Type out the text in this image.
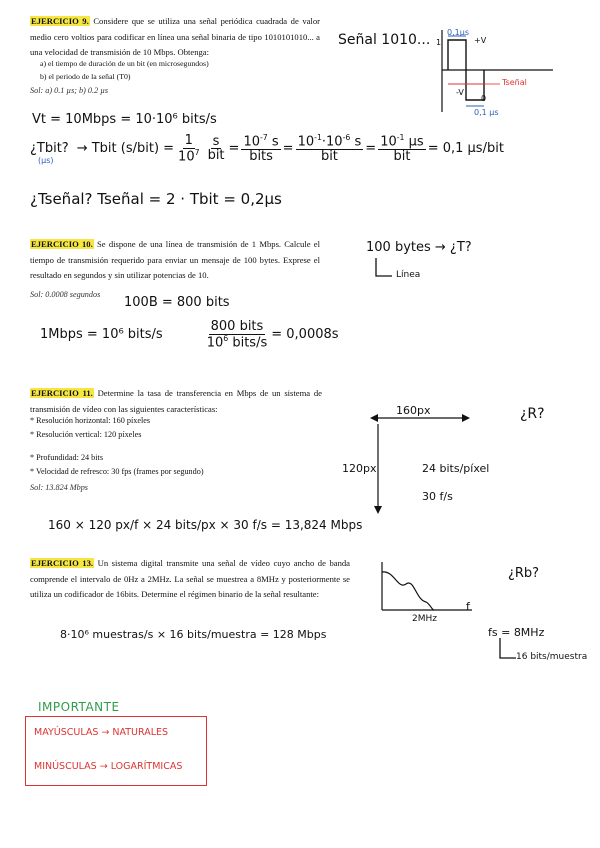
EJERCICIO 9. Considere que se utiliza una señal periódica cuadrada de valor medio cero voltios para codificar en línea una señal binaria de tipo 1010101010... a una velocidad de transmisión de 10 Mbps. Obtenga:
a) el tiempo de duración de un bit (en microsegundos)
b) el periodo de la señal (T0)
Sol: a) 0.1 µs; b) 0.2 µs
Señal 1010... 0,1µs
+V
1
-V
0
0,1 µs
Tseñal
Vt = 10Mbps = 10·10⁶ bits/s
¿Tbit? → Tbit $(s/bit) = \frac{1}{10^7} \frac{s}{\text{bit}} = \frac{10^{-7} s}{\text{bits}} = \frac{10^{-1}\cdot 10^{-6} s}{\text{bit}} = \frac{10^{-1} \mu s}{\text{bit}} = 0,1$ µs/bit
(µs)
¿Tseñal? Tseñal = 2 · Tbit = 0,2µs
EJERCICIO 10. Se dispone de una línea de transmisión de 1 Mbps. Calcule el tiempo de transmisión requerido para enviar un mensaje de 100 bytes. Exprese el resultado en segundos y sin utilizar potencias de 10.
Sol: 0.0008 segundos
100 bytes → ¿T?
Línea
100B = 800 bits
1Mbps = 10⁶ bits/s	$\frac{\text{800 bits}}{10^6 bits/s} = 0,0008s$
EJERCICIO 11. Determine la tasa de transferencia en Mbps de un sistema de transmisión de vídeo con las siguientes características:
* Resolución horizontal: 160 píxeles
* Resolución vertical: 120 píxeles
* Profundidad: 24 bits
* Velocidad de refresco: 30 fps (frames por segundo)
Sol: 13.824 Mbps
160px
120px
¿R?
24 bits/píxel
30 f/s
160 × 120 px/f × 24 bits/px × 30 f/s = 13,824 Mbps
EJERCICIO 13. Un sistema digital transmite una señal de vídeo cuyo ancho de banda comprende el intervalo de 0Hz a 2MHz. La señal se muestrea a 8MHz y posteriormente se utiliza un codificador de 16bits. Determine el régimen binario de la señal resultante:
¿Rb?
f
2MHz
fs = 8MHz
16 bits/muestra
8·10⁶ muestras/s × 16 bits/muestra = 128 Mbps
IMPORTANTE
MAYÚSCULAS → NATURALES
MINÚSCULAS → LOGARÍTMICAS
